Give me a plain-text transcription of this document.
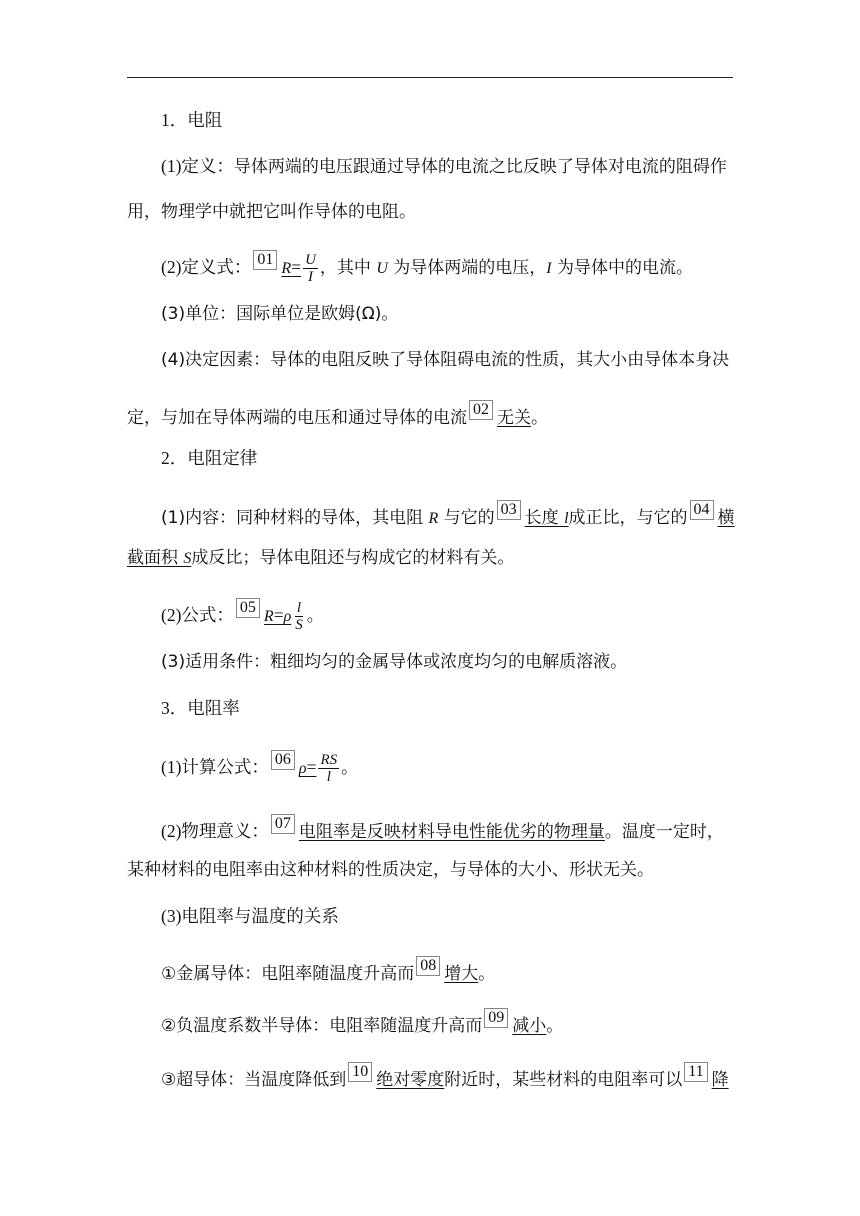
1．电阻
(1)定义：导体两端的电压跟通过导体的电流之比反映了导体对电流的阻碍作
用，物理学中就把它叫作导体的电阻。
(2)定义式： $01R= \frac{U}{I}$ ，其中 U 为导体两端的电压，I 为导体中的电流。
(3)单位：国际单位是欧姆(Ω)。
(4)决定因素：导体的电阻反映了导体阻碍电流的性质，其大小由导体本身决
定，与加在导体两端的电压和通过导体的电流 02 无关。
2．电阻定律
(1)内容：同种材料的导体，其电阻 R 与它的 03 长度 l成正比，与它的 04 横
截面积 S成反比；导体电阻还与构成它的材料有关。
(2)公式： $05R=\rho \frac{l}{S}$ 。
(3)适用条件：粗细均匀的金属导体或浓度均匀的电解质溶液。
3．电阻率
(1)计算公式： $06\rho= \frac{RS}{l}$ 。
(2)物理意义： 07 电阻率是反映材料导电性能优劣的物理量。温度一定时，
某种材料的电阻率由这种材料的性质决定，与导体的大小、形状无关。
(3)电阻率与温度的关系
①金属导体：电阻率随温度升高而 08 增大。
②负温度系数半导体：电阻率随温度升高而 09 减小。
③超导体：当温度降低到 10 绝对零度附近时，某些材料的电阻率可以 11 降
